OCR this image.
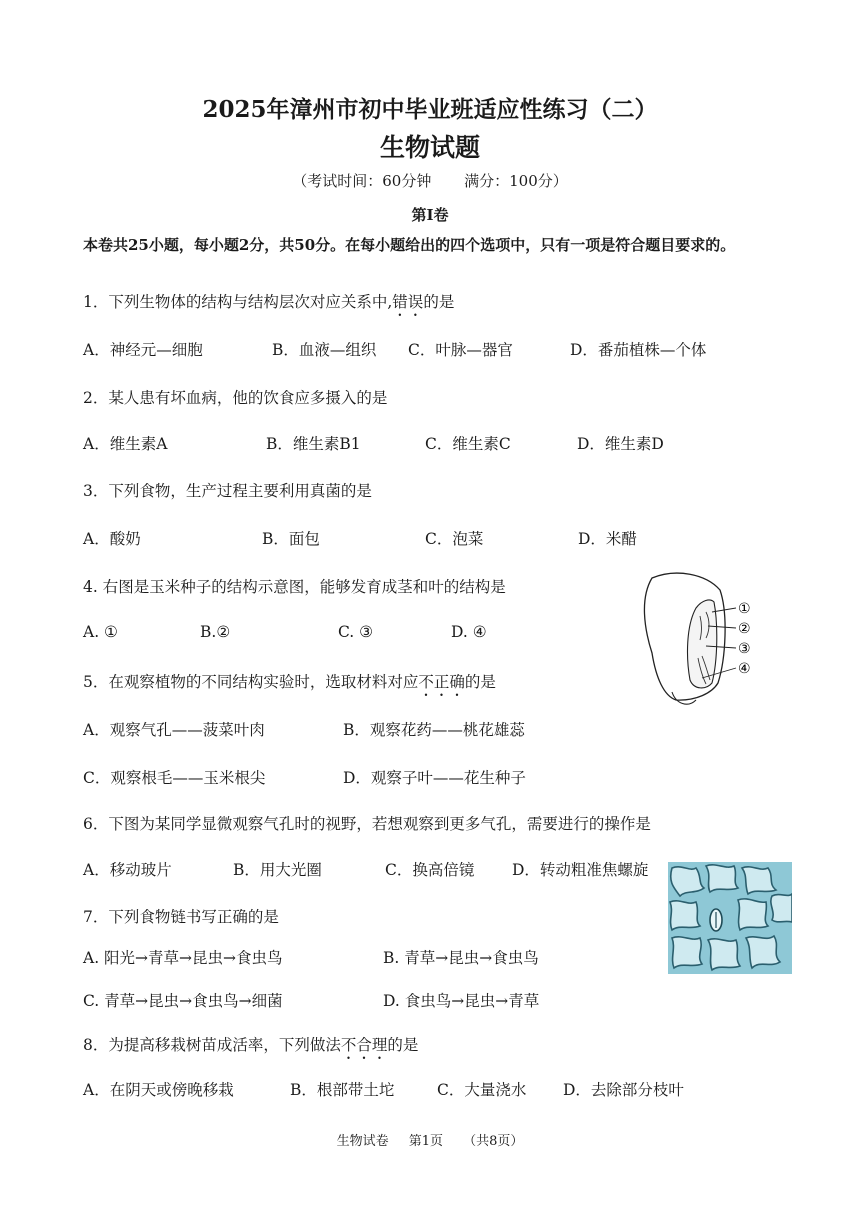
2025年漳州市初中毕业班适应性练习（二）
生物试题
（考试时间：60分钟 满分：100分）
第Ⅰ卷
本卷共25小题，每小题2分，共50分。在每小题给出的四个选项中，只有一项是符合题目要求的。
1．下列生物体的结构与结构层次对应关系中,错误的是
A．神经元—细胞	B．血液—组织 C．叶脉—器官	D．番茄植株—个体
2．某人患有坏血病，他的饮食应多摄入的是
A．维生素A	B．维生素B1	C．维生素C	D．维生素D
3．下列食物，生产过程主要利用真菌的是
A．酸奶	B．面包	C．泡菜	D．米醋
4. 右图是玉米种子的结构示意图，能够发育成茎和叶的结构是
A. ①	B.②	C. ③	D. ④
①
②
③
④
5．在观察植物的不同结构实验时，选取材料对应不正确的是
A．观察气孔——菠菜叶肉	B．观察花药——桃花雄蕊
C．观察根毛——玉米根尖	D．观察子叶——花生种子
6．下图为某同学显微观察气孔时的视野，若想观察到更多气孔，需要进行的操作是
A．移动玻片	B．用大光圈	C．换高倍镜 D．转动粗准焦螺旋
7．下列食物链书写正确的是
A. 阳光→青草→昆虫→食虫鸟	B. 青草→昆虫→食虫鸟
C. 青草→昆虫→食虫鸟→细菌	D. 食虫鸟→昆虫→青草
8．为提高移栽树苗成活率，下列做法不合理的是
A．在阴天或傍晚移栽	B．根部带土坨	C．大量浇水 D．去除部分枝叶
生物试卷 第1页 （共8页）
